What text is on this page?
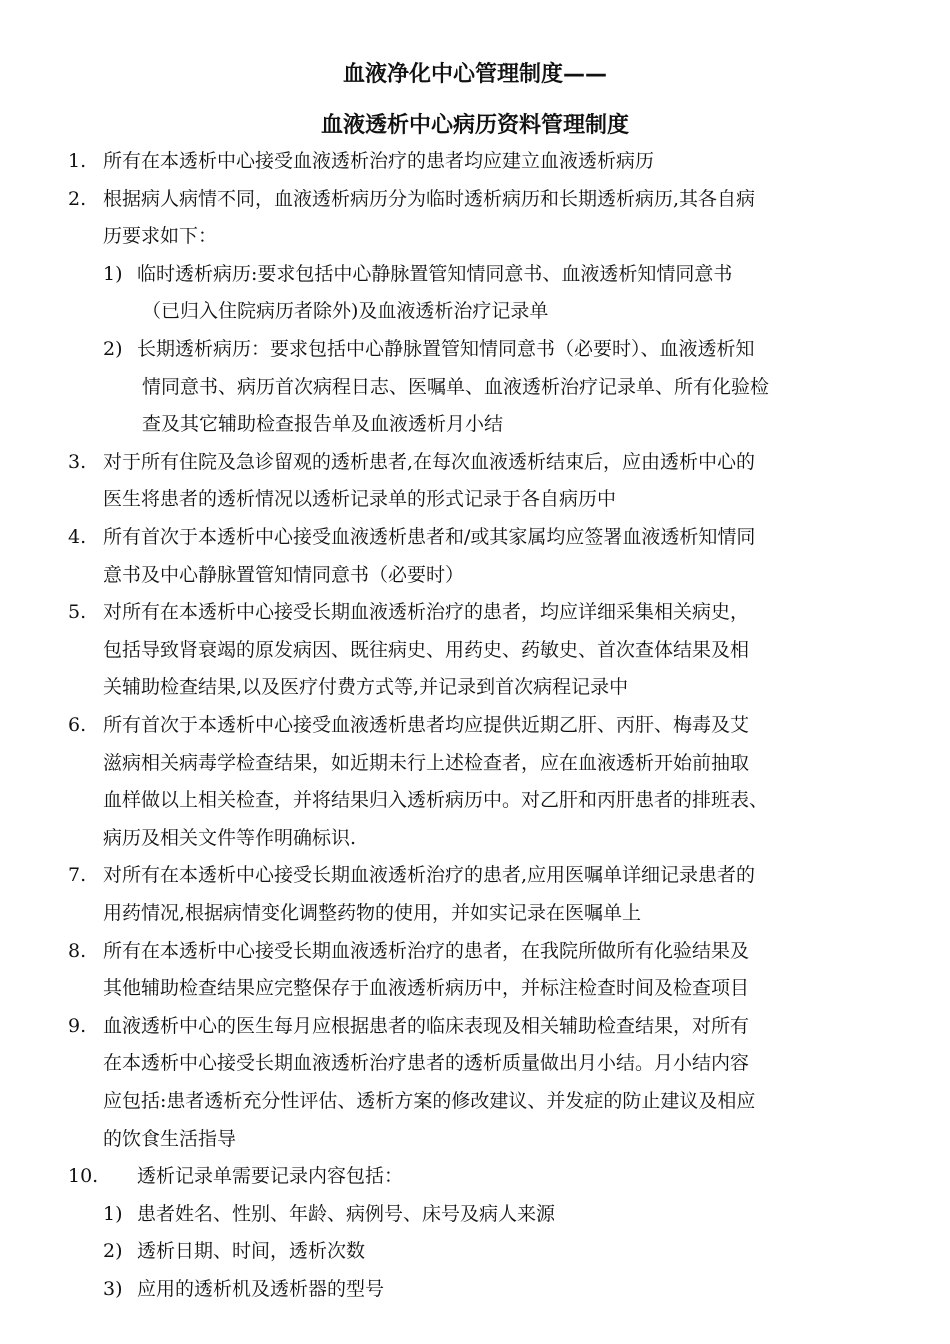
血液净化中心管理制度——
血液透析中心病历资料管理制度
1. 所有在本透析中心接受血液透析治疗的患者均应建立血液透析病历
2. 根据病人病情不同，血液透析病历分为临时透析病历和长期透析病历,其各自病
历要求如下：
1) 临时透析病历:要求包括中心静脉置管知情同意书、血液透析知情同意书
（已归入住院病历者除外)及血液透析治疗记录单
2) 长期透析病历：要求包括中心静脉置管知情同意书（必要时）、血液透析知
情同意书、病历首次病程日志、医嘱单、血液透析治疗记录单、所有化验检
查及其它辅助检查报告单及血液透析月小结
3. 对于所有住院及急诊留观的透析患者,在每次血液透析结束后，应由透析中心的
医生将患者的透析情况以透析记录单的形式记录于各自病历中
4. 所有首次于本透析中心接受血液透析患者和/或其家属均应签署血液透析知情同
意书及中心静脉置管知情同意书（必要时）
5. 对所有在本透析中心接受长期血液透析治疗的患者，均应详细采集相关病史，
包括导致肾衰竭的原发病因、既往病史、用药史、药敏史、首次查体结果及相
关辅助检查结果,以及医疗付费方式等,并记录到首次病程记录中
6. 所有首次于本透析中心接受血液透析患者均应提供近期乙肝、丙肝、梅毒及艾
滋病相关病毒学检查结果，如近期未行上述检查者，应在血液透析开始前抽取
血样做以上相关检查，并将结果归入透析病历中。对乙肝和丙肝患者的排班表、
病历及相关文件等作明确标识.
7. 对所有在本透析中心接受长期血液透析治疗的患者,应用医嘱单详细记录患者的
用药情况,根据病情变化调整药物的使用，并如实记录在医嘱单上
8. 所有在本透析中心接受长期血液透析治疗的患者，在我院所做所有化验结果及
其他辅助检查结果应完整保存于血液透析病历中，并标注检查时间及检查项目
9. 血液透析中心的医生每月应根据患者的临床表现及相关辅助检查结果，对所有
在本透析中心接受长期血液透析治疗患者的透析质量做出月小结。月小结内容
应包括:患者透析充分性评估、透析方案的修改建议、并发症的防止建议及相应
的饮食生活指导
10. 透析记录单需要记录内容包括：
1) 患者姓名、性别、年龄、病例号、床号及病人来源
2) 透析日期、时间，透析次数
3) 应用的透析机及透析器的型号
